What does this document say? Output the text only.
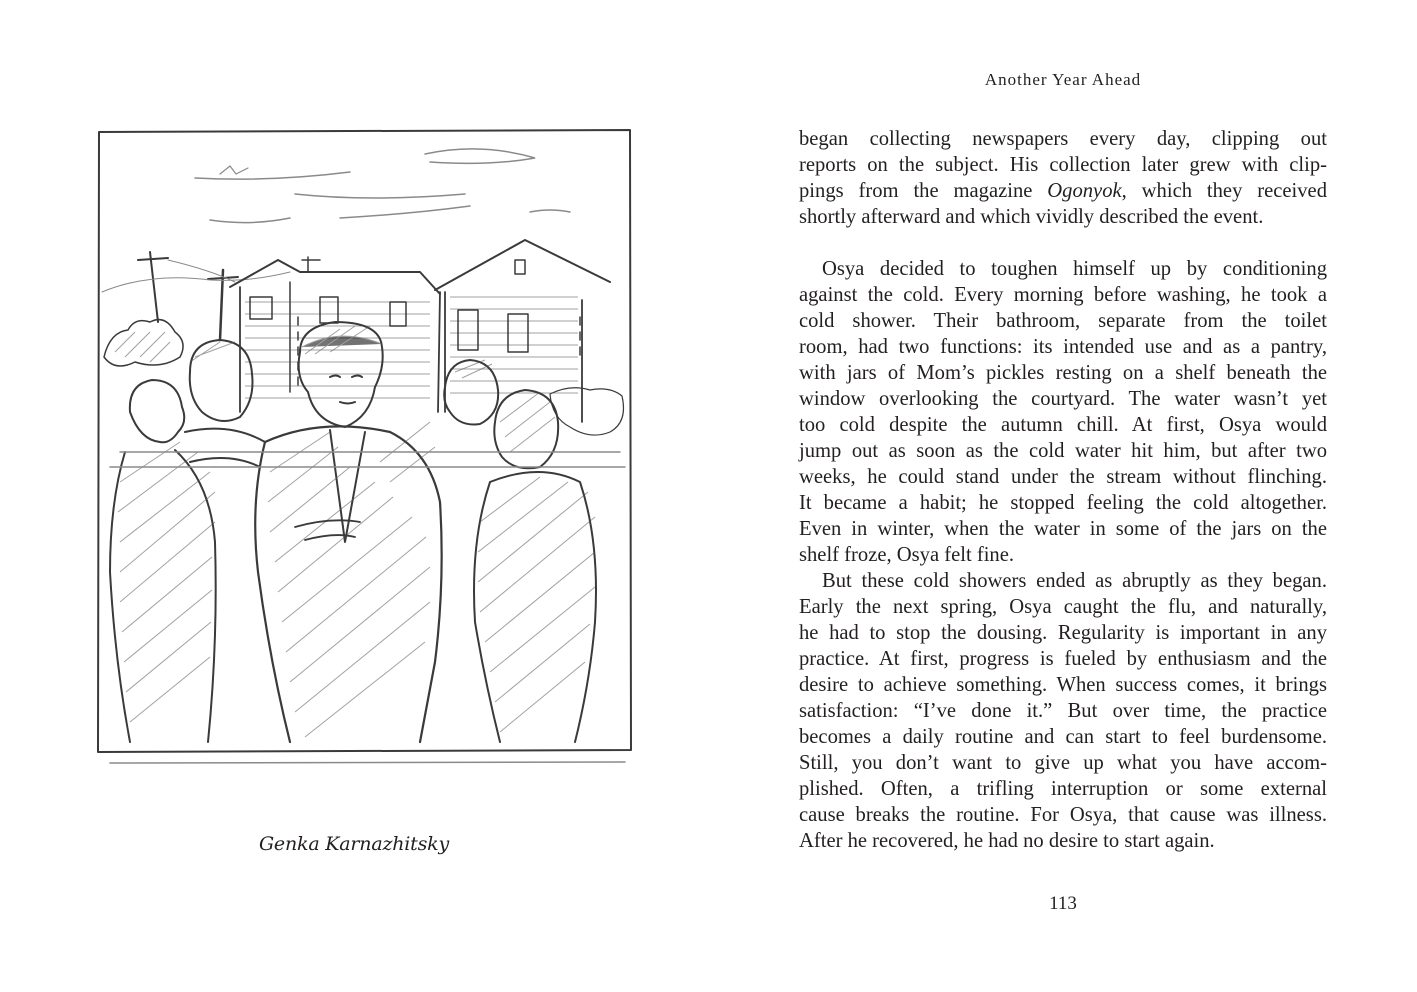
Genka Karnazhitsky
Another Year Ahead
began collecting newspapers every day, clipping out
reports on the subject. His collection later grew with clip-
pings from the magazine Ogonyok, which they received
shortly afterward and which vividly described the event.
Osya decided to toughen himself up by conditioning
against the cold. Every morning before washing, he took a
cold shower. Their bathroom, separate from the toilet
room, had two functions: its intended use and as a pantry,
with jars of Mom’s pickles resting on a shelf beneath the
window overlooking the courtyard. The water wasn’t yet
too cold despite the autumn chill. At first, Osya would
jump out as soon as the cold water hit him, but after two
weeks, he could stand under the stream without flinching.
It became a habit; he stopped feeling the cold altogether.
Even in winter, when the water in some of the jars on the
shelf froze, Osya felt fine.
But these cold showers ended as abruptly as they began.
Early the next spring, Osya caught the flu, and naturally,
he had to stop the dousing. Regularity is important in any
practice. At first, progress is fueled by enthusiasm and the
desire to achieve something. When success comes, it brings
satisfaction: “I’ve done it.” But over time, the practice
becomes a daily routine and can start to feel burdensome.
Still, you don’t want to give up what you have accom-
plished. Often, a trifling interruption or some external
cause breaks the routine. For Osya, that cause was illness.
After he recovered, he had no desire to start again.
113
